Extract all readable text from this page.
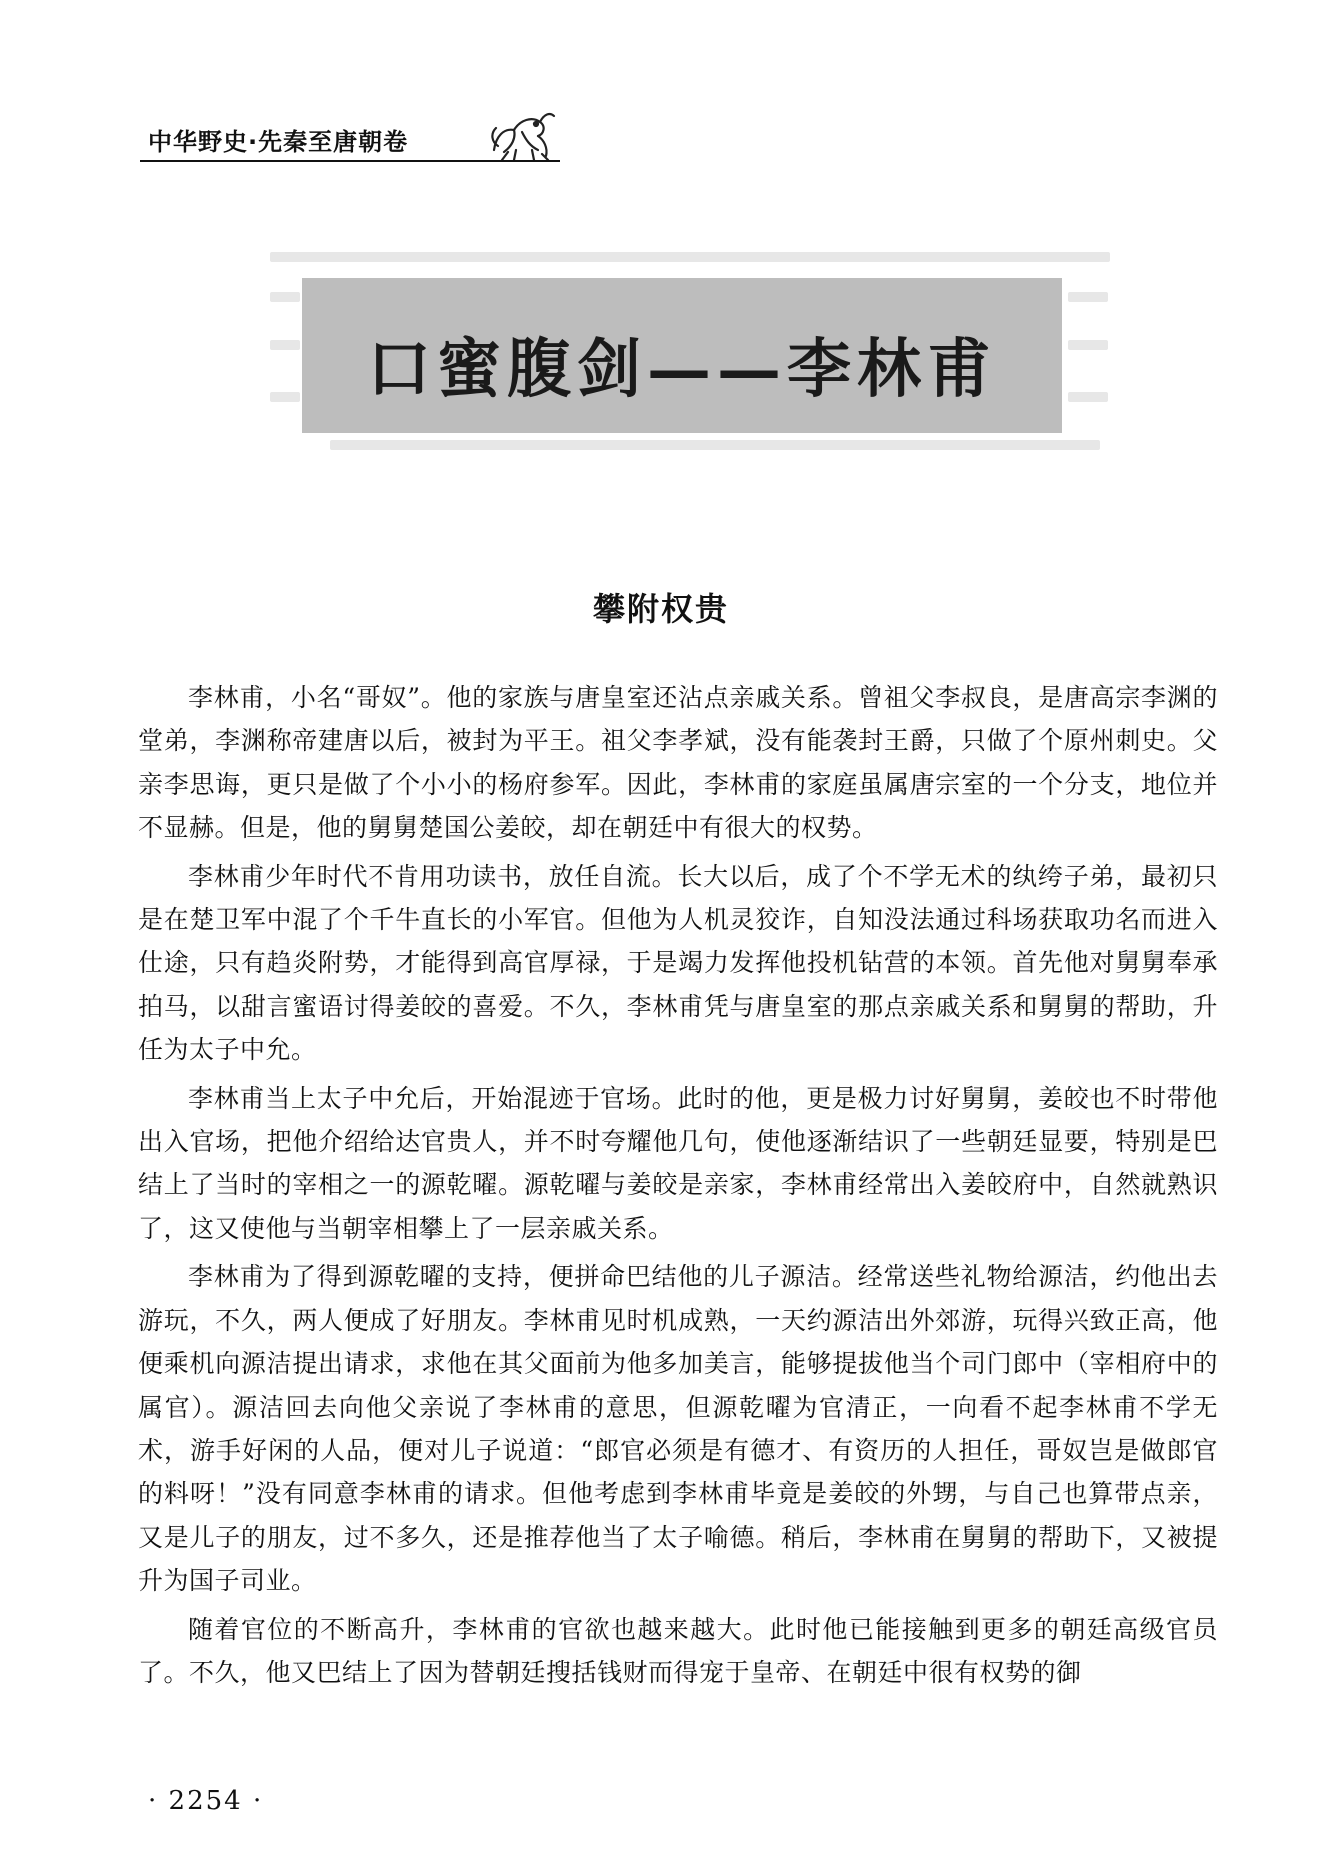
中华野史·先秦至唐朝卷
口蜜腹剑——李林甫
攀附权贵

李林甫，小名“哥奴”。他的家族与唐皇室还沾点亲戚关系。曾祖父李叔良，是唐高宗李渊的堂弟，李渊称帝建唐以后，被封为平王。祖父李孝斌，没有能袭封王爵，只做了个原州刺史。父亲李思诲，更只是做了个小小的杨府参军。因此，李林甫的家庭虽属唐宗室的一个分支，地位并不显赫。但是，他的舅舅楚国公姜皎，却在朝廷中有很大的权势。

李林甫少年时代不肯用功读书，放任自流。长大以后，成了个不学无术的纨绔子弟，最初只是在楚卫军中混了个千牛直长的小军官。但他为人机灵狡诈，自知没法通过科场获取功名而进入仕途，只有趋炎附势，才能得到高官厚禄，于是竭力发挥他投机钻营的本领。首先他对舅舅奉承拍马，以甜言蜜语讨得姜皎的喜爱。不久，李林甫凭与唐皇室的那点亲戚关系和舅舅的帮助，升任为太子中允。

李林甫当上太子中允后，开始混迹于官场。此时的他，更是极力讨好舅舅，姜皎也不时带他出入官场，把他介绍给达官贵人，并不时夸耀他几句，使他逐渐结识了一些朝廷显要，特别是巴结上了当时的宰相之一的源乾曜。源乾曜与姜皎是亲家，李林甫经常出入姜皎府中，自然就熟识了，这又使他与当朝宰相攀上了一层亲戚关系。

李林甫为了得到源乾曜的支持，便拼命巴结他的儿子源洁。经常送些礼物给源洁，约他出去游玩，不久，两人便成了好朋友。李林甫见时机成熟，一天约源洁出外郊游，玩得兴致正高，他便乘机向源洁提出请求，求他在其父面前为他多加美言，能够提拔他当个司门郎中（宰相府中的属官）。源洁回去向他父亲说了李林甫的意思，但源乾曜为官清正，一向看不起李林甫不学无术，游手好闲的人品，便对儿子说道：“郎官必须是有德才、有资历的人担任，哥奴岂是做郎官的料呀！”没有同意李林甫的请求。但他考虑到李林甫毕竟是姜皎的外甥，与自己也算带点亲，又是儿子的朋友，过不多久，还是推荐他当了太子喻德。稍后，李林甫在舅舅的帮助下，又被提升为国子司业。

随着官位的不断高升，李林甫的官欲也越来越大。此时他已能接触到更多的朝廷高级官员了。不久，他又巴结上了因为替朝廷搜括钱财而得宠于皇帝、在朝廷中很有权势的御

· 2254 ·
